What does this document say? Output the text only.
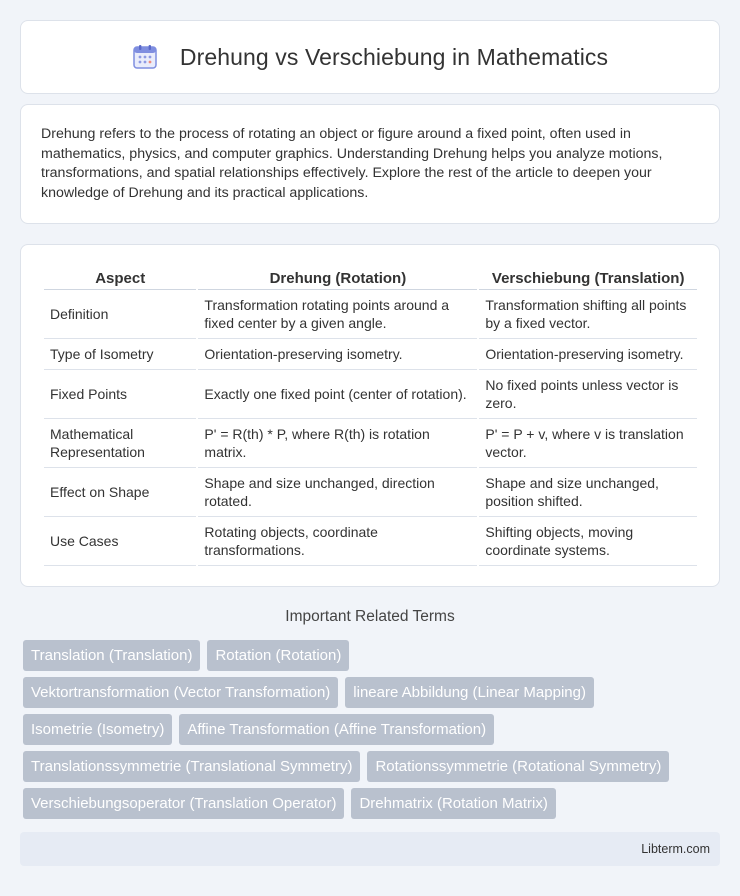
Drehung vs Verschiebung in Mathematics

Drehung refers to the process of rotating an object or figure around a fixed point, often used in mathematics, physics, and computer graphics. Understanding Drehung helps you analyze motions, transformations, and spatial relationships effectively. Explore the rest of the article to deepen your knowledge of Drehung and its practical applications.

Aspect	Drehung (Rotation)	Verschiebung (Translation)
Definition	Transformation rotating points around a fixed center by a given angle.	Transformation shifting all points by a fixed vector.
Type of Isometry	Orientation-preserving isometry.	Orientation-preserving isometry.
Fixed Points	Exactly one fixed point (center of rotation).	No fixed points unless vector is zero.
Mathematical Representation	P' = R(th) * P, where R(th) is rotation matrix.	P' = P + v, where v is translation vector.
Effect on Shape	Shape and size unchanged, direction rotated.	Shape and size unchanged, position shifted.
Use Cases	Rotating objects, coordinate transformations.	Shifting objects, moving coordinate systems.
Important Related Terms
Translation (Translation)	Rotation (Rotation)
Vektortransformation (Vector Transformation)	lineare Abbildung (Linear Mapping)
Isometrie (Isometry)	Affine Transformation (Affine Transformation)
Translationssymmetrie (Translational Symmetry)	Rotationssymmetrie (Rotational Symmetry)
Verschiebungsoperator (Translation Operator)	Drehmatrix (Rotation Matrix)
Libterm.com
